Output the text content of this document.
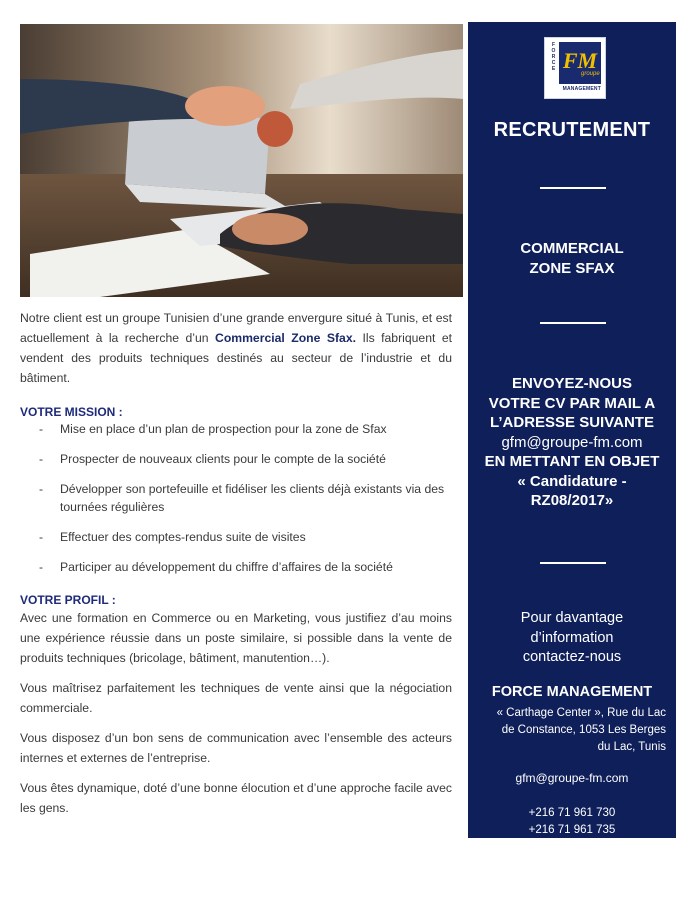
Notre client est un groupe Tunisien d’une grande envergure situé à Tunis, et est actuellement à la recherche d’un Commercial Zone Sfax. Ils fabriquent et vendent des produits techniques destinés au secteur de l’industrie et du bâtiment.

VOTRE MISSION :
- Mise en place d’un plan de prospection pour la zone de Sfax
- Prospecter de nouveaux clients pour le compte de la société
- Développer son portefeuille et fidéliser les clients déjà existants via des tournées régulières
- Effectuer des comptes-rendus suite de visites
- Participer au développement du chiffre d’affaires de la société
VOTRE PROFIL :

Avec une formation en Commerce ou en Marketing, vous justifiez d’au moins une expérience réussie dans un poste similaire, si possible dans la vente de produits techniques (bricolage, bâtiment, manutention…).

Vous maîtrisez parfaitement les techniques de vente ainsi que la négociation commerciale.

Vous disposez d’un bon sens de communication avec l’ensemble des acteurs internes et externes de l’entreprise.

Vous êtes dynamique, doté d’une bonne élocution et d’une approche facile avec les gens.

F
O
R
C
E FM
groupe
MANAGEMENT
RECRUTEMENT
COMMERCIAL
ZONE SFAX
ENVOYEZ-NOUS
VOTRE CV PAR MAIL A
L’ADRESSE SUIVANTE
gfm@groupe-fm.com
EN METTANT EN OBJET
« Candidature -
RZ08/2017»
Pour davantage
d’information
contactez-nous
FORCE MANAGEMENT
« Carthage Center », Rue du Lac de Constance, 1053 Les Berges du Lac, Tunis
gfm@groupe-fm.com
+216 71 961 730
+216 71 961 735
